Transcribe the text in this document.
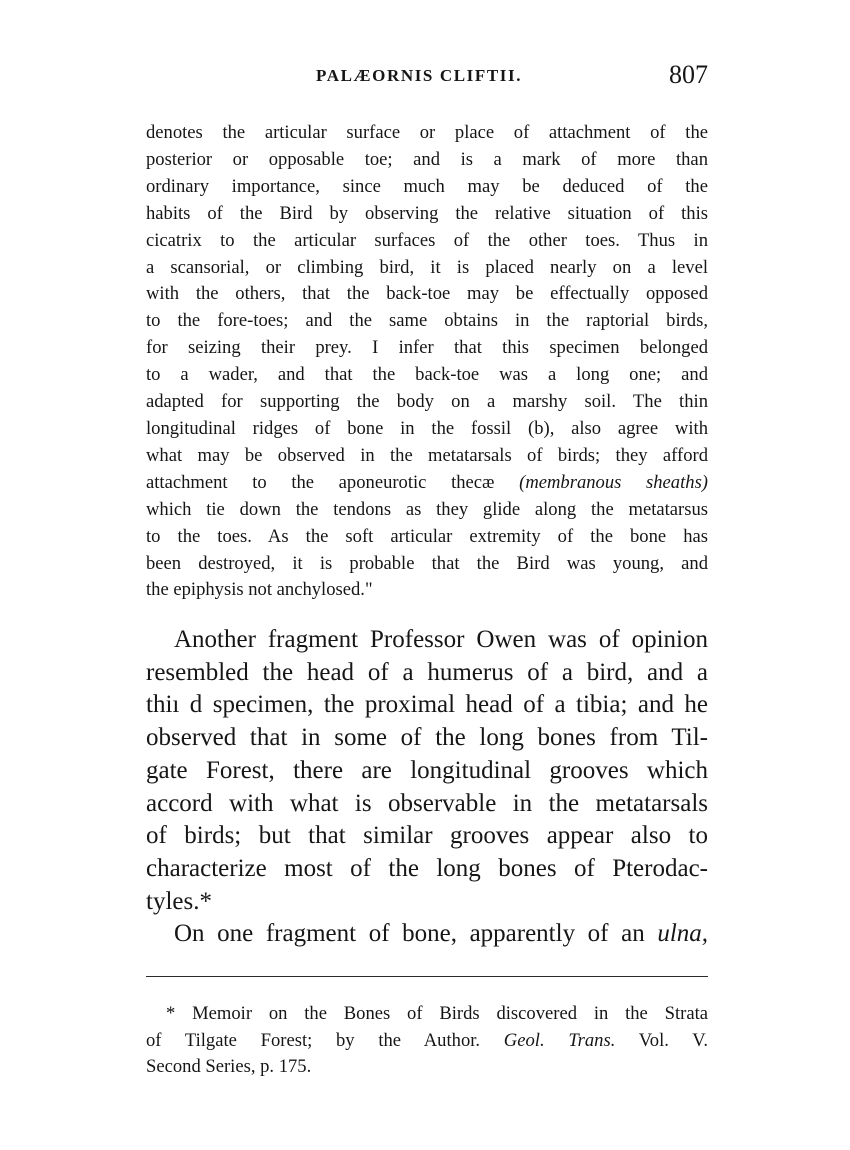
PALÆORNIS CLIFTII.	807
denotes the articular surface or place of attachment of the
posterior or opposable toe; and is a mark of more than
ordinary importance, since much may be deduced of the
habits of the Bird by observing the relative situation of this
cicatrix to the articular surfaces of the other toes. Thus in
a scansorial, or climbing bird, it is placed nearly on a level
with the others, that the back-toe may be effectually opposed
to the fore-toes; and the same obtains in the raptorial birds,
for seizing their prey. I infer that this specimen belonged
to a wader, and that the back-toe was a long one; and
adapted for supporting the body on a marshy soil. The thin
longitudinal ridges of bone in the fossil (b), also agree with
what may be observed in the metatarsals of birds; they afford
attachment to the aponeurotic thecæ (membranous sheaths)
which tie down the tendons as they glide along the metatarsus
to the toes. As the soft articular extremity of the bone has
been destroyed, it is probable that the Bird was young, and
the epiphysis not anchylosed."
Another fragment Professor Owen was of opinion
resembled the head of a humerus of a bird, and a
thiı d specimen, the proximal head of a tibia; and he
observed that in some of the long bones from Til-
gate Forest, there are longitudinal grooves which
accord with what is observable in the metatarsals
of birds; but that similar grooves appear also to
characterize most of the long bones of Pterodac-
tyles.*
On one fragment of bone, apparently of an ulna,
* Memoir on the Bones of Birds discovered in the Strata
of Tilgate Forest; by the Author. Geol. Trans. Vol. V.
Second Series, p. 175.
